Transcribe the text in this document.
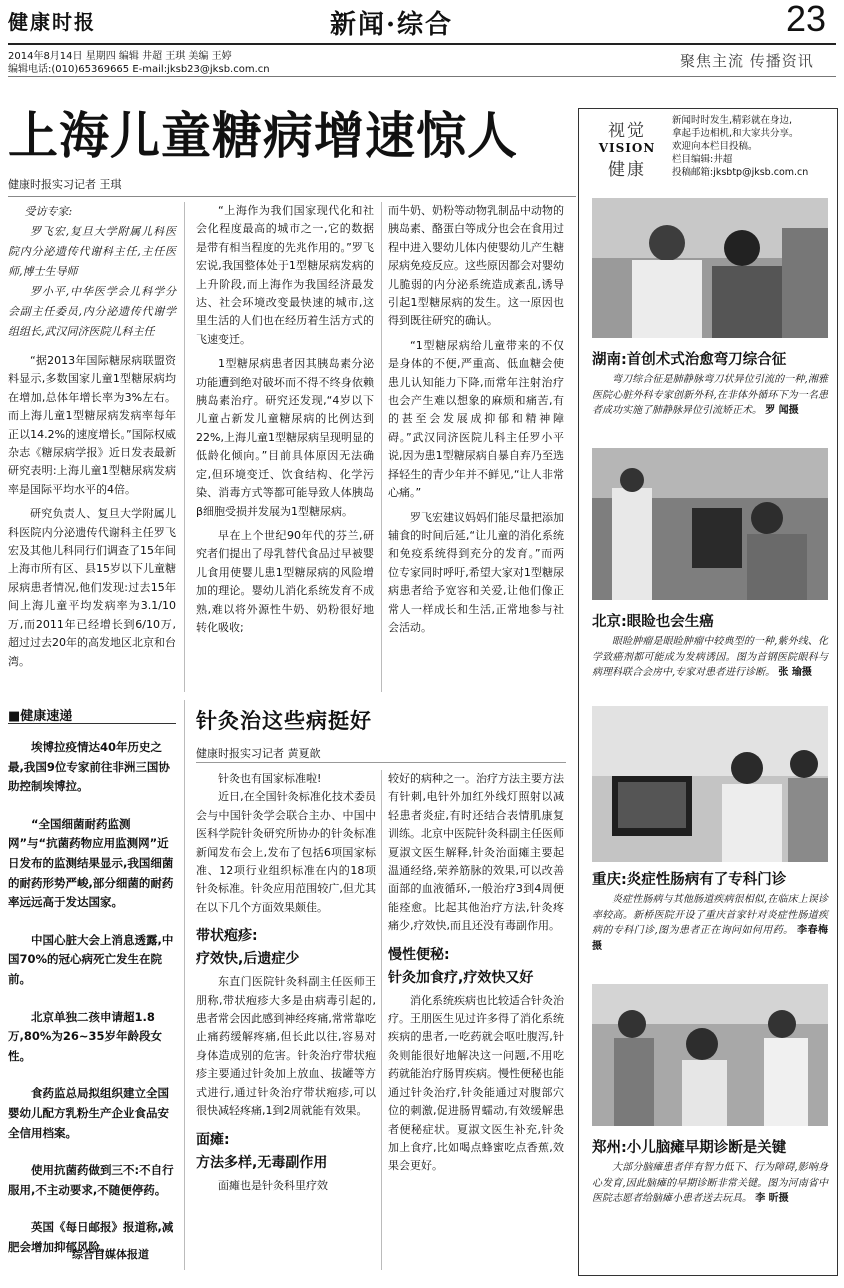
健康时报	新闻·综合	23
2014年8月14日 星期四 编辑 井超 王琪 美编 王婷
编辑电话:(010)65369665 E-mail:jksb23@jksb.com.cn	聚焦主流 传播资讯
上海儿童糖病增速惊人
健康时报实习记者 王琪
受访专家:
罗飞宏,复旦大学附属儿科医院内分泌遗传代谢科主任,主任医师,博士生导师
罗小平,中华医学会儿科学分会副主任委员,内分泌遗传代谢学组组长,武汉同济医院儿科主任

“据2013年国际糖尿病联盟资料显示,多数国家儿童1型糖尿病均在增加,总体年增长率为3%左右。而上海儿童1型糖尿病发病率每年正以14.2%的速度增长。”国际权威杂志《糖尿病学报》近日发表最新研究表明:上海儿童1型糖尿病发病率是国际平均水平的4倍。

研究负责人、复旦大学附属儿科医院内分泌遗传代谢科主任罗飞宏及其他儿科同行们调查了15年间上海市所有区、县15岁以下儿童糖尿病患者情况,他们发现:过去15年间上海儿童平均发病率为3.1/10万,而2011年已经增长到6/10万,超过过去20年的高发地区北京和台湾。

“上海作为我们国家现代化和社会化程度最高的城市之一,它的数据是带有相当程度的先兆作用的。”罗飞宏说,我国整体处于1型糖尿病发病的上升阶段,而上海作为我国经济最发达、社会环境改变最快速的城市,这里生活的人们也在经历着生活方式的飞速变迁。

1型糖尿病患者因其胰岛素分泌功能遭到绝对破坏而不得不终身依赖胰岛素治疗。研究还发现,“4岁以下儿童占新发儿童糖尿病的比例达到22%,上海儿童1型糖尿病呈现明显的低龄化倾向。”目前具体原因无法确定,但环境变迁、饮食结构、化学污染、消毒方式等都可能导致人体胰岛β细胞受损并发展为1型糖尿病。

早在上个世纪90年代的芬兰,研究者们提出了母乳替代食品过早被婴儿食用使婴儿患1型糖尿病的风险增加的理论。婴幼儿消化系统发育不成熟,难以将外源性牛奶、奶粉很好地转化吸收;

而牛奶、奶粉等动物乳制品中动物的胰岛素、酪蛋白等成分也会在食用过程中进入婴幼儿体内使婴幼儿产生糖尿病免疫反应。这些原因都会对婴幼儿脆弱的内分泌系统造成紊乱,诱导引起1型糖尿病的发生。这一原因也得到既往研究的确认。

“1型糖尿病给儿童带来的不仅是身体的不便,严重高、低血糖会使患儿认知能力下降,而常年注射治疗也会产生难以想象的麻烦和痛苦,有的甚至会发展成抑郁和精神障碍。”武汉同济医院儿科主任罗小平说,因为患1型糖尿病自暴自弃乃至选择轻生的青少年并不鲜见,“让人非常心痛。”

罗飞宏建议妈妈们能尽量把添加辅食的时间后延,“让儿童的消化系统和免疫系统得到充分的发育。”而两位专家同时呼吁,希望大家对1型糖尿病患者给予宽容和关爱,让他们像正常人一样成长和生活,正常地参与社会活动。

■健康速递

埃博拉疫情达40年历史之最,我国9位专家前往非洲三国协助控制埃博拉。

“全国细菌耐药监测网”与“抗菌药物应用监测网”近日发布的监测结果显示,我国细菌的耐药形势严峻,部分细菌的耐药率远远高于发达国家。

中国心脏大会上消息透露,中国70%的冠心病死亡发生在院前。

北京单独二孩申请超1.8万,80%为26~35岁年龄段女性。

食药监总局拟组织建立全国婴幼儿配方乳粉生产企业食品安全信用档案。

使用抗菌药做到三不:不自行服用,不主动要求,不随便停药。

英国《每日邮报》报道称,减肥会增加抑郁风险。

综合自媒体报道
针灸治这些病挺好
健康时报实习记者 黄夏歆

针灸也有国家标准啦!

近日,在全国针灸标准化技术委员会与中国针灸学会联合主办、中国中医科学院针灸研究所协办的针灸标准新闻发布会上,发布了包括6项国家标准、12项行业组织标准在内的18项针灸标准。针灸应用范围较广,但尤其在以下几个方面效果颇佳。

带状疱疹:
疗效快,后遗症少

东直门医院针灸科副主任医师王朋称,带状疱疹大多是由病毒引起的,患者常会因此感到神经疼痛,常常靠吃止痛药缓解疼痛,但长此以往,容易对身体造成别的危害。针灸治疗带状疱疹主要通过针灸加上放血、拔罐等方式进行,通过针灸治疗带状疱疹,可以很快减轻疼痛,1到2周就能有效果。

面瘫:
方法多样,无毒副作用

面瘫也是针灸科里疗效

较好的病种之一。治疗方法主要方法有针刺,电针外加红外线灯照射以减轻患者炎症,有时还结合表情肌康复训练。北京中医院针灸科副主任医师夏淑文医生解释,针灸治面瘫主要起温通经络,荣养筋脉的效果,可以改善面部的血液循环,一般治疗3到4周便能痊愈。比起其他治疗方法,针灸疼痛少,疗效快,而且还没有毒副作用。

慢性便秘:
针灸加食疗,疗效快又好

消化系统疾病也比较适合针灸治疗。王朋医生见过许多得了消化系统疾病的患者,一吃药就会呕吐腹泻,针灸则能很好地解决这一问题,不用吃药就能治疗肠胃疾病。慢性便秘也能通过针灸治疗,针灸能通过对腹部穴位的刺激,促进肠胃蠕动,有效缓解患者便秘症状。夏淑文医生补充,针灸加上食疗,比如喝点蜂蜜吃点香蕉,效果会更好。

视觉
VISION
健康
新闻时时发生,精彩就在身边,
拿起手边相机,和大家共分享。
欢迎向本栏目投稿。
栏目编辑:井超
投稿邮箱:jksbtp@jksb.com.cn
湖南:首创术式治愈弯刀综合征
弯刀综合征是肺静脉弯刀状异位引流的一种,湘雅医院心脏外科专家创新外科,在非体外循环下为一名患者成功实施了肺静脉异位引流矫正术。 罗 闻摄
北京:眼睑也会生癌
眼睑肿瘤是眼睑肿瘤中较典型的一种,紫外线、化学致癌剂都可能成为发病诱因。图为首钢医院眼科与病理科联合会房中,专家对患者进行诊断。 张 瑜摄
重庆:炎症性肠病有了专科门诊
炎症性肠病与其他肠道疾病很相似,在临床上误诊率较高。新桥医院开设了重庆首家针对炎症性肠道疾病的专科门诊,图为患者正在询问如何用药。 李春梅摄
郑州:小儿脑瘫早期诊断是关键
大部分脑瘫患者伴有智力低下、行为障碍,影响身心发育,因此脑瘫的早期诊断非常关键。图为河南省中医院志愿者给脑瘫小患者送去玩具。 李 昕摄
